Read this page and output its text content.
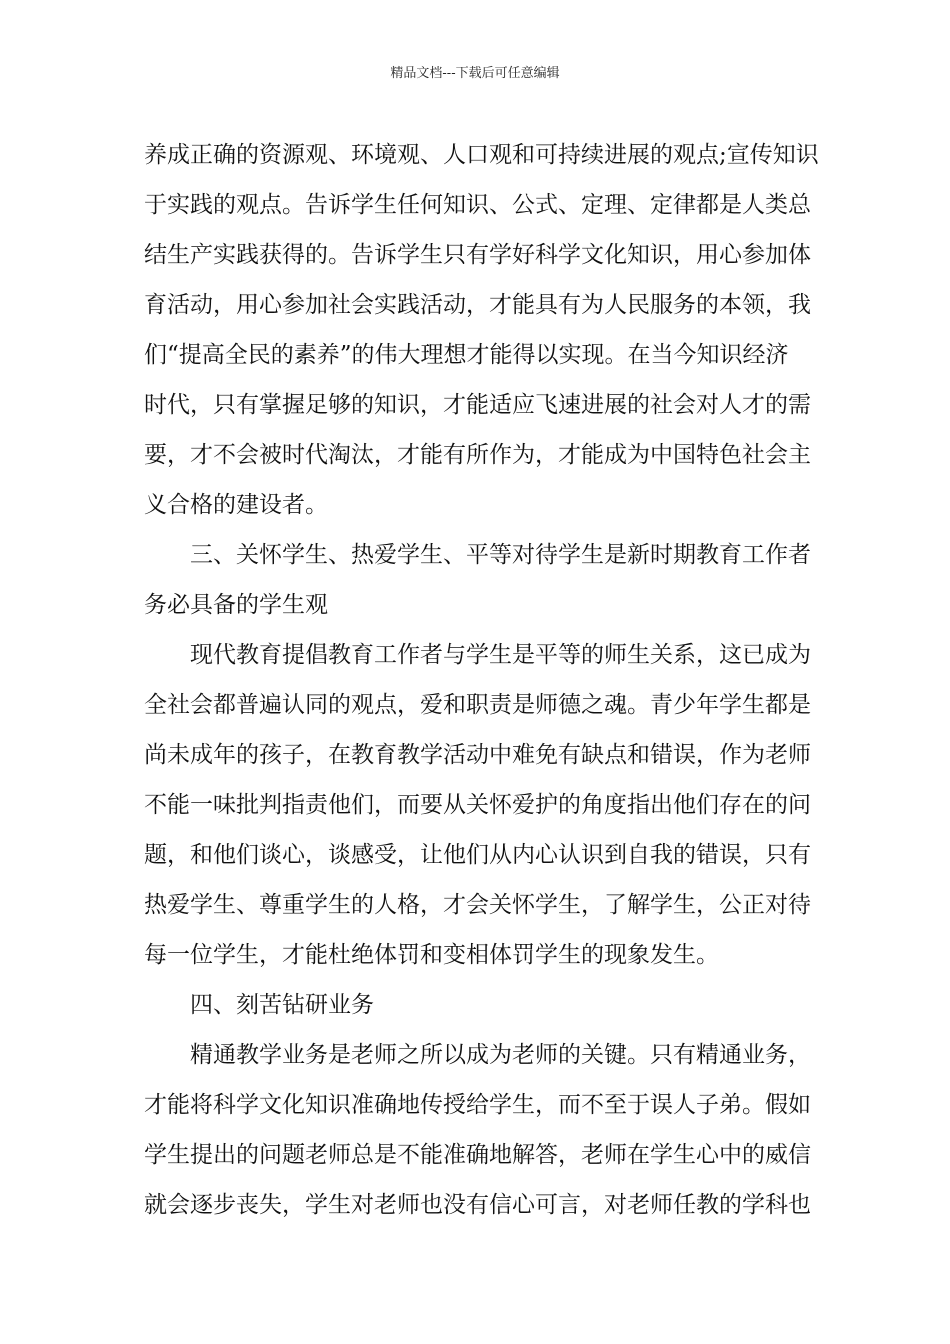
精品文档---下载后可任意编辑
养成正确的资源观、环境观、人口观和可持续进展的观点;宣传知识
于实践的观点。告诉学生任何知识、公式、定理、定律都是人类总
结生产实践获得的。告诉学生只有学好科学文化知识，用心参加体
育活动，用心参加社会实践活动，才能具有为人民服务的本领，我
们“提高全民的素养”的伟大理想才能得以实现。在当今知识经济
时代，只有掌握足够的知识，才能适应飞速进展的社会对人才的需
要，才不会被时代淘汰，才能有所作为，才能成为中国特色社会主
义合格的建设者。
　　三、关怀学生、热爱学生、平等对待学生是新时期教育工作者
务必具备的学生观
　　现代教育提倡教育工作者与学生是平等的师生关系，这已成为
全社会都普遍认同的观点，爱和职责是师德之魂。青少年学生都是
尚未成年的孩子，在教育教学活动中难免有缺点和错误，作为老师
不能一味批判指责他们，而要从关怀爱护的角度指出他们存在的问
题，和他们谈心，谈感受，让他们从内心认识到自我的错误，只有
热爱学生、尊重学生的人格，才会关怀学生，了解学生，公正对待
每一位学生，才能杜绝体罚和变相体罚学生的现象发生。
　　四、刻苦钻研业务
　　精通教学业务是老师之所以成为老师的关键。只有精通业务，
才能将科学文化知识准确地传授给学生，而不至于误人子弟。假如
学生提出的问题老师总是不能准确地解答，老师在学生心中的威信
就会逐步丧失，学生对老师也没有信心可言，对老师任教的学科也
